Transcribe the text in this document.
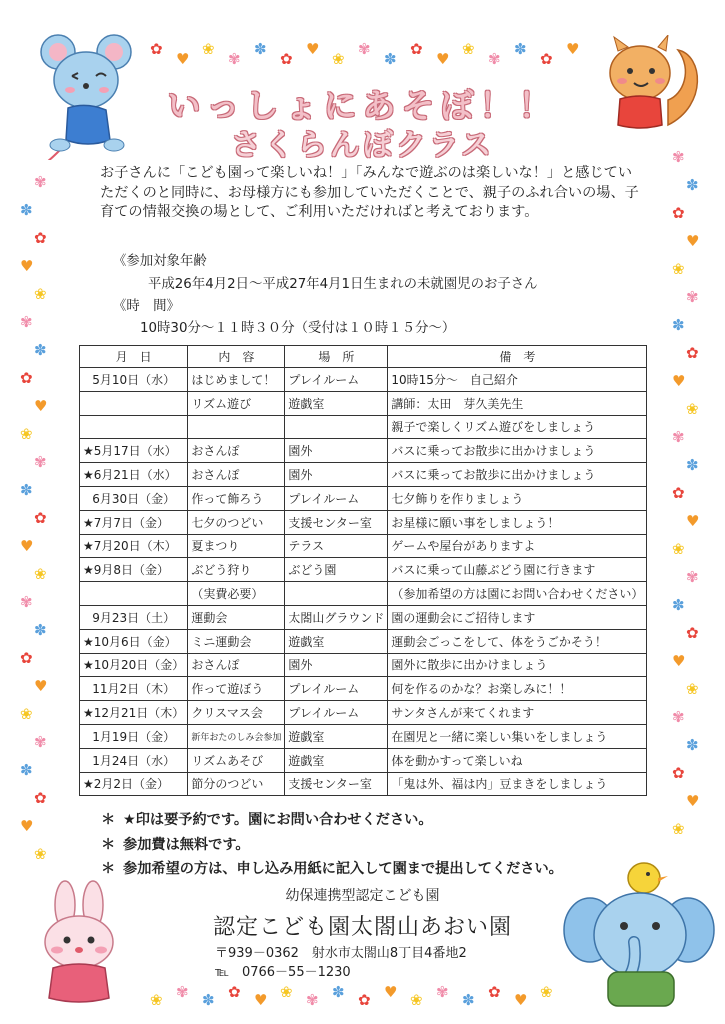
✿
♥
❀
✾
✽
✿
♥
❀
✾
✽
✿
♥
❀
✾
✽
✿
♥
❀ ✾ ✽ ✿ ♥ ❀ ✾ ✽ ✿ ♥ ❀ ✾ ✽ ✿ ♥ ❀
✾
✽
✿
♥
❀
✾
✽
✿
♥
❀
✾
✽
✿
♥
❀
✾
✽
✿
♥
❀
✾
✽
✿
♥
❀
✾
✽
✿
♥
❀
✾
✽
✿
♥
❀
✾
✽
✿
♥
❀
✾
✽
✿
♥
❀
✾
✽
✿
♥
❀
いっしょにあそぼ！！
さくらんぼクラス

お子さんに「こども園って楽しいね！」「みんなで遊ぶのは楽しいな！」と感じていただくのと同時に、お母様方にも参加していただくことで、親子のふれ合いの場、子育ての情報交換の場として、ご利用いただければと考えております。

《参加対象年齢
平成26年4月2日～平成27年4月1日生まれの未就園児のお子さん
《時　間》
10時30分～１１時３０分（受付は１０時１５分～）
月　日	内　容	場　所	備　考
5月10日（水）	はじめまして！	プレイルーム	10時15分～　自己紹介
	リズム遊び	遊戯室	講師：太田　芽久美先生
			親子で楽しくリズム遊びをしましょう
★5月17日（水）	おさんぽ	園外	バスに乗ってお散歩に出かけましょう
★6月21日（水）	おさんぽ	園外	バスに乗ってお散歩に出かけましょう
6月30日（金）	作って飾ろう	プレイルーム	七夕飾りを作りましょう
★7月7日（金）	七夕のつどい	支援センター室	お星様に願い事をしましょう！
★7月20日（木）	夏まつり	テラス	ゲームや屋台がありますよ
★9月8日（金）	ぶどう狩り	ぶどう園	バスに乗って山藤ぶどう園に行きます
	（実費必要）		（参加希望の方は園にお問い合わせください）
9月23日（土）	運動会	太閤山グラウンド	園の運動会にご招待します
★10月6日（金）	ミニ運動会	遊戯室	運動会ごっこをして、体をうごかそう！
★10月20日（金）	おさんぽ	園外	園外に散歩に出かけましょう
11月2日（木）	作って遊ぼう	プレイルーム	何を作るのかな？お楽しみに！！
★12月21日（木）	クリスマス会	プレイルーム	サンタさんが来てくれます
1月19日（金）	新年おたのしみ会参加	遊戯室	在園児と一緒に楽しい集いをしましょう
1月24日（水）	リズムあそび	遊戯室	体を動かすって楽しいね
★2月2日（金）	節分のつどい	支援センター室	「鬼は外、福は内」豆まきをしましょう
＊ ★印は要予約です。園にお問い合わせください。
＊ 参加費は無料です。
＊ 参加希望の方は、申し込み用紙に記入して園まで提出してください。
幼保連携型認定こども園
認定こども園太閤山あおい園
〒939－0362　射水市太閤山8丁目4番地2
℡　0766－55－1230
